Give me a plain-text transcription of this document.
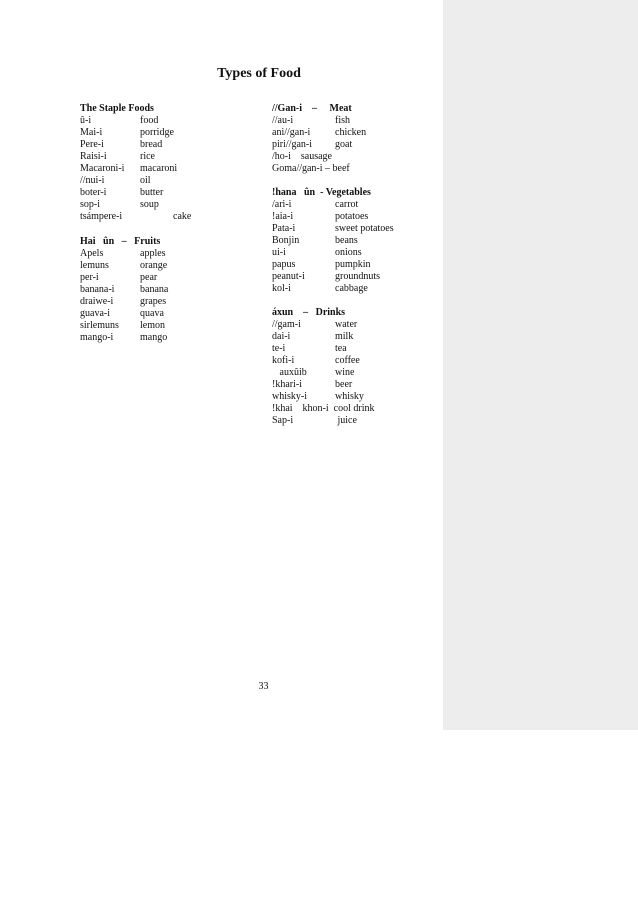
Types of Food
The Staple Foods
û-i	food
Mai-i	porridge
Pere-i	bread
Raisi-i	rice
Macaroni-i macaroni
//nui-i	oil
boter-i	butter
sop-i	soup
tsámpere-i	cake
Hai   ûn   –   Fruits
Apels	apples
lemuns	orange
per-i	pear
banana-i	banana
draiwe-i	grapes
guava-i	quava
sirlemuns lemon
mango-i	mango
//Gan-i    –     Meat
//au-i	fish
ani//gan-i chicken
piri//gan-i goat
/ho-i    sausage
Goma//gan-i – beef
!hana   ûn  - Vegetables
/ari-i	carrot
!aia-i	potatoes
Pata-i	sweet potatoes
Bonjin	beans
ui-i	onions
papus	pumpkin
peanut-i	groundnuts
kol-i	cabbage
áxun    –   Drinks
//gam-i	water
dai-i	milk
te-i	tea
kofi-i	coffee
auxûib	wine
!khari-i	beer
whisky-i	whisky
!khai    khon-i  cool drink
Sap-i	juice
33
